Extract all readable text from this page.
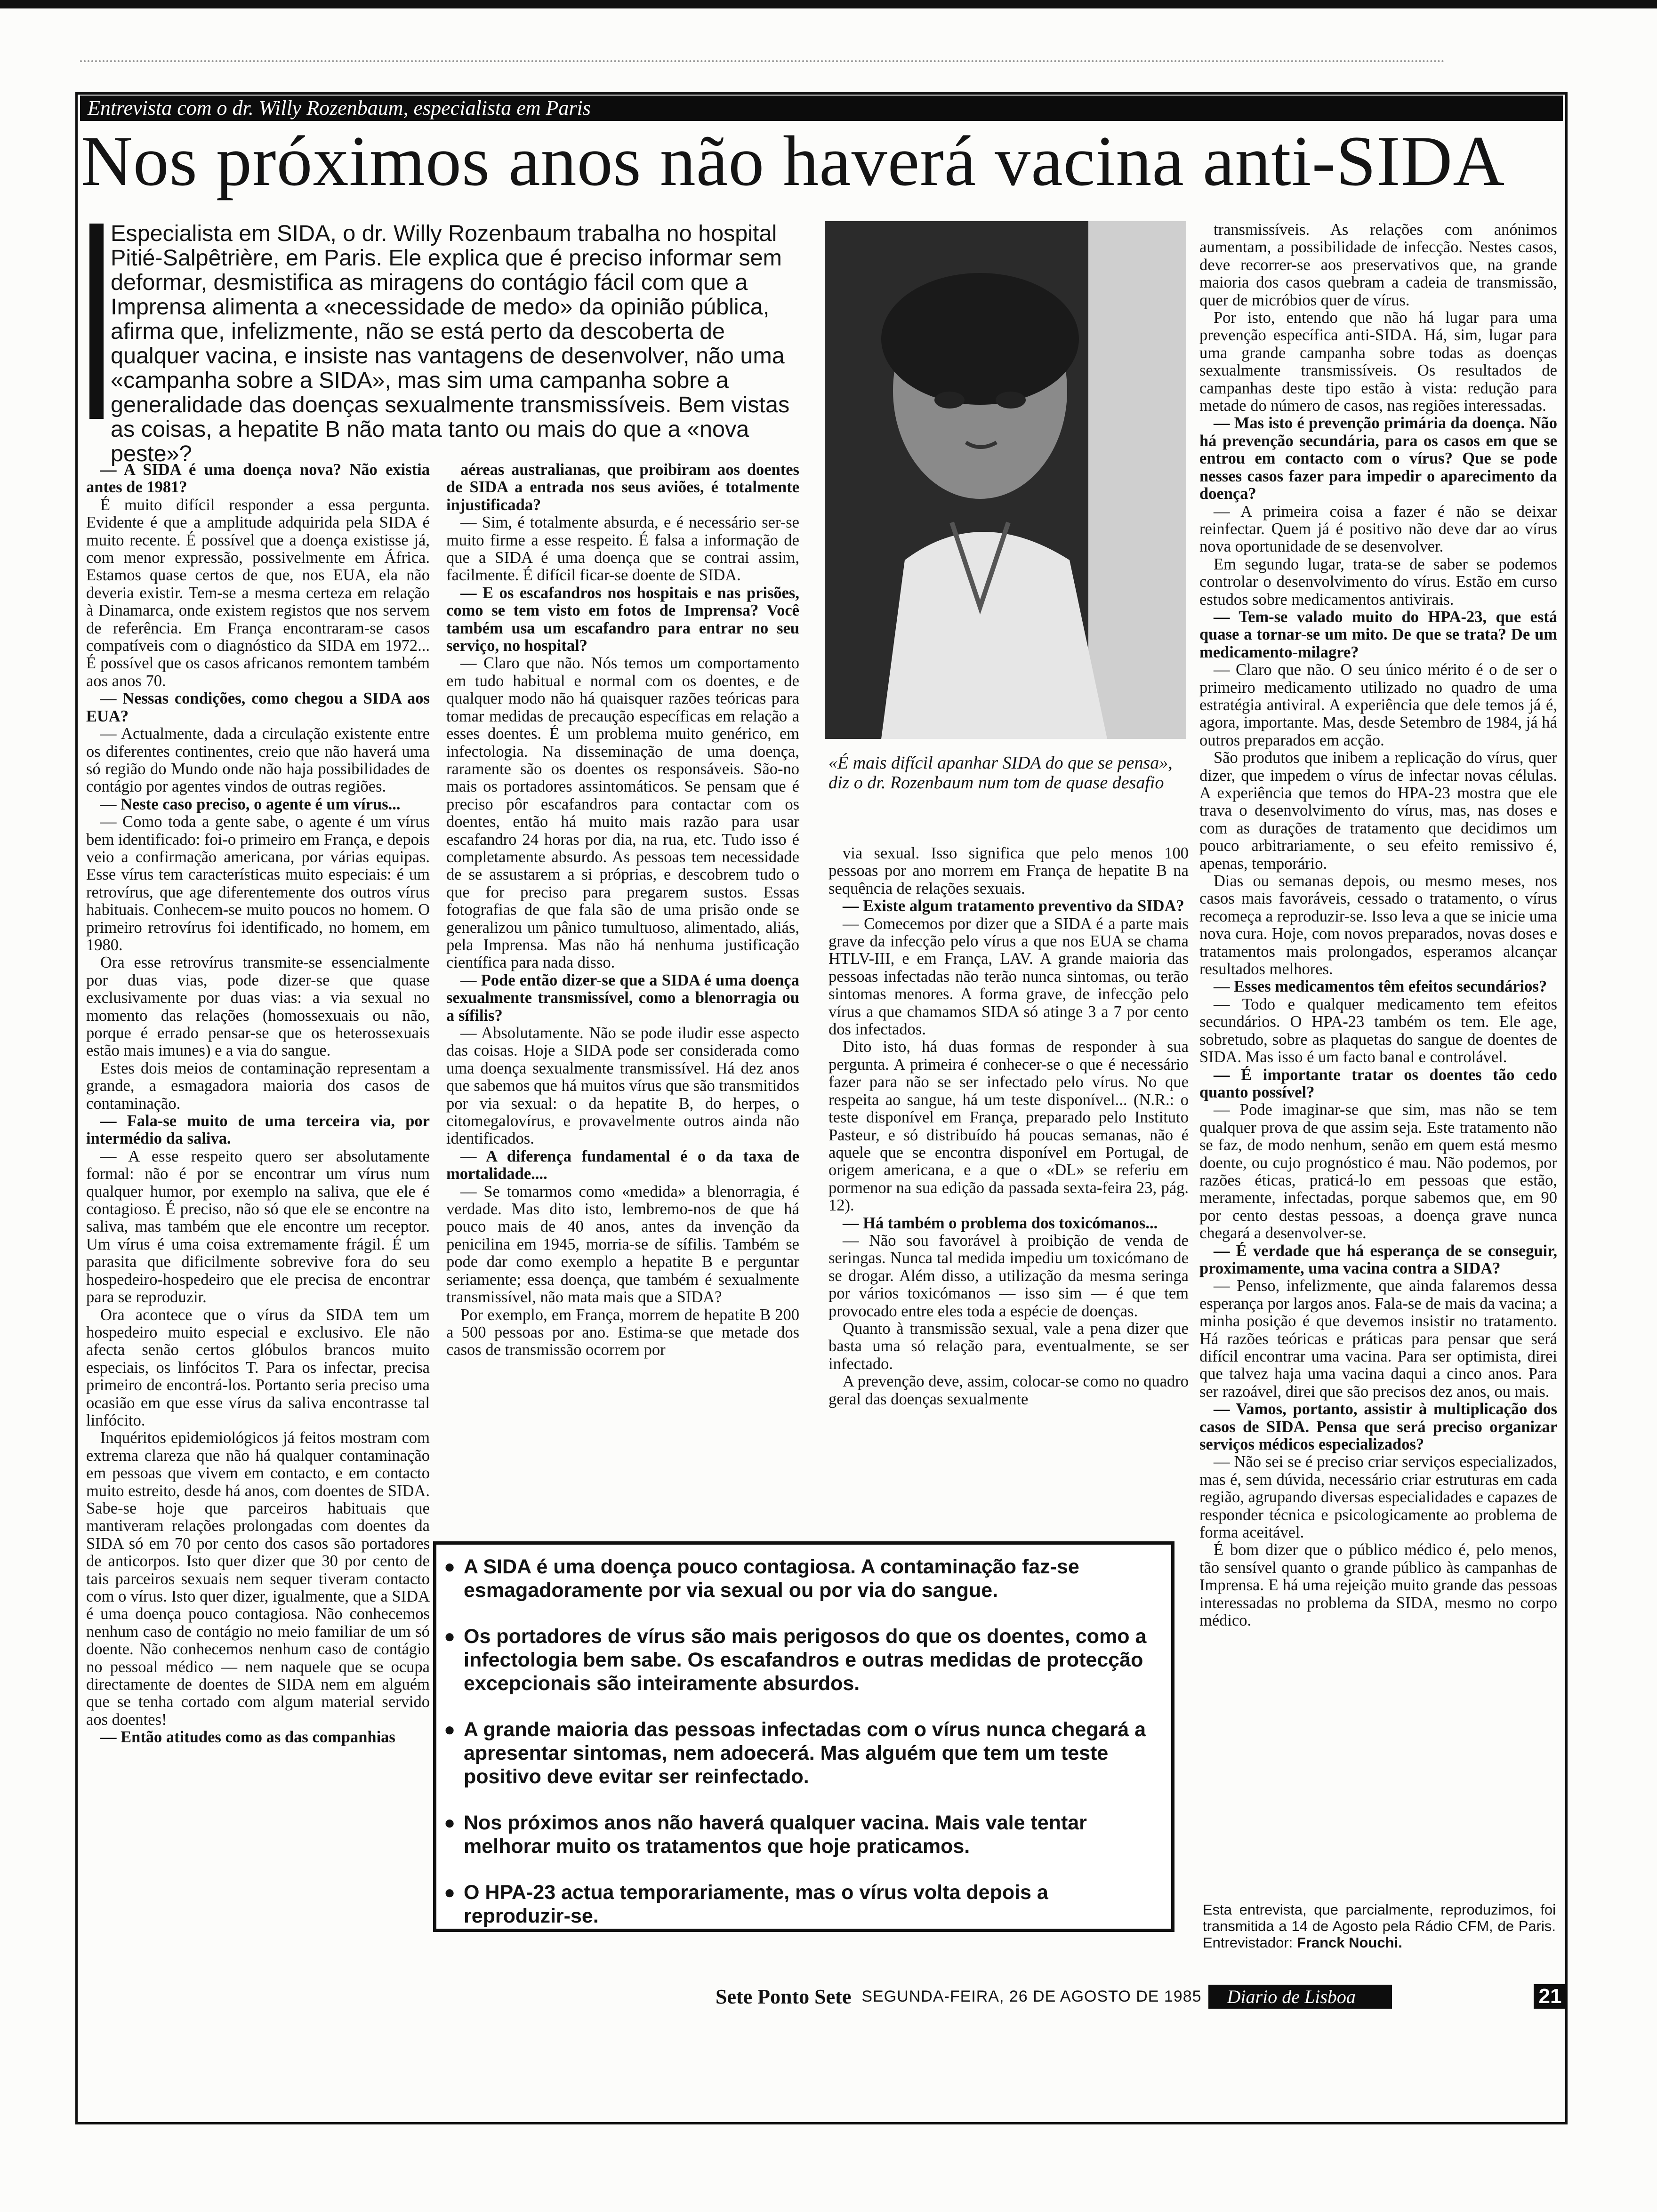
Entrevista com o dr. Willy Rozenbaum, especialista em Paris
Nos próximos anos não haverá vacina anti-SIDA

Especialista em SIDA, o dr. Willy Rozenbaum trabalha no hospital Pitié-Salpêtrière, em Paris. Ele explica que é preciso informar sem deformar, desmistifica as miragens do contágio fácil com que a Imprensa alimenta a «necessidade de medo» da opinião pública, afirma que, infelizmente, não se está perto da descoberta de qualquer vacina, e insiste nas vantagens de desenvolver, não uma «campanha sobre a SIDA», mas sim uma campanha sobre a generalidade das doenças sexualmente transmissíveis. Bem vistas as coisas, a hepatite B não mata tanto ou mais do que a «nova peste»?

«É mais difícil apanhar SIDA do que se pensa», diz o dr. Rozenbaum num tom de quase desafio

— A SIDA é uma doença nova? Não existia antes de 1981?

É muito difícil responder a essa pergunta. Evidente é que a amplitude adquirida pela SIDA é muito recente. É possível que a doença existisse já, com menor expressão, possivelmente em África. Estamos quase certos de que, nos EUA, ela não deveria existir. Tem-se a mesma certeza em relação à Dinamarca, onde existem registos que nos servem de referência. Em França encontraram-se casos compatíveis com o diagnóstico da SIDA em 1972... É possível que os casos africanos remontem também aos anos 70.

— Nessas condições, como chegou a SIDA aos EUA?

— Actualmente, dada a circulação existente entre os diferentes continentes, creio que não haverá uma só região do Mundo onde não haja possibilidades de contágio por agentes vindos de outras regiões.

— Neste caso preciso, o agente é um vírus...

— Como toda a gente sabe, o agente é um vírus bem identificado: foi-o primeiro em França, e depois veio a confirmação americana, por várias equipas. Esse vírus tem características muito especiais: é um retrovírus, que age diferentemente dos outros vírus habituais. Conhecem-se muito poucos no homem. O primeiro retrovírus foi identificado, no homem, em 1980.

Ora esse retrovírus transmite-se essencialmente por duas vias, pode dizer-se que quase exclusivamente por duas vias: a via sexual no momento das relações (homossexuais ou não, porque é errado pensar-se que os heterossexuais estão mais imunes) e a via do sangue.

Estes dois meios de contaminação representam a grande, a esmagadora maioria dos casos de contaminação.

— Fala-se muito de uma terceira via, por intermédio da saliva.

— A esse respeito quero ser absolutamente formal: não é por se encontrar um vírus num qualquer humor, por exemplo na saliva, que ele é contagioso. É preciso, não só que ele se encontre na saliva, mas também que ele encontre um receptor. Um vírus é uma coisa extremamente frágil. É um parasita que dificilmente sobrevive fora do seu hospedeiro-hospedeiro que ele precisa de encontrar para se reproduzir.

Ora acontece que o vírus da SIDA tem um hospedeiro muito especial e exclusivo. Ele não afecta senão certos glóbulos brancos muito especiais, os linfócitos T. Para os infectar, precisa primeiro de encontrá-los. Portanto seria preciso uma ocasião em que esse vírus da saliva encontrasse tal linfócito.

Inquéritos epidemiológicos já feitos mostram com extrema clareza que não há qualquer contaminação em pessoas que vivem em contacto, e em contacto muito estreito, desde há anos, com doentes de SIDA. Sabe-se hoje que parceiros habituais que mantiveram relações prolongadas com doentes da SIDA só em 70 por cento dos casos são portadores de anticorpos. Isto quer dizer que 30 por cento de tais parceiros sexuais nem sequer tiveram contacto com o vírus. Isto quer dizer, igualmente, que a SIDA é uma doença pouco contagiosa. Não conhecemos nenhum caso de contágio no meio familiar de um só doente. Não conhecemos nenhum caso de contágio no pessoal médico — nem naquele que se ocupa directamente de doentes de SIDA nem em alguém que se tenha cortado com algum material servido aos doentes!

— Então atitudes como as das companhias

aéreas australianas, que proibiram aos doentes de SIDA a entrada nos seus aviões, é totalmente injustificada?

— Sim, é totalmente absurda, e é necessário ser-se muito firme a esse respeito. É falsa a informação de que a SIDA é uma doença que se contrai assim, facilmente. É difícil ficar-se doente de SIDA.

— E os escafandros nos hospitais e nas prisões, como se tem visto em fotos de Imprensa? Você também usa um escafandro para entrar no seu serviço, no hospital?

— Claro que não. Nós temos um comportamento em tudo habitual e normal com os doentes, e de qualquer modo não há quaisquer razões teóricas para tomar medidas de precaução específicas em relação a esses doentes. É um problema muito genérico, em infectologia. Na disseminação de uma doença, raramente são os doentes os responsáveis. São-no mais os portadores assintomáticos. Se pensam que é preciso pôr escafandros para contactar com os doentes, então há muito mais razão para usar escafandro 24 horas por dia, na rua, etc. Tudo isso é completamente absurdo. As pessoas tem necessidade de se assustarem a si próprias, e descobrem tudo o que for preciso para pregarem sustos. Essas fotografias de que fala são de uma prisão onde se generalizou um pânico tumultuoso, alimentado, aliás, pela Imprensa. Mas não há nenhuma justificação científica para nada disso.

— Pode então dizer-se que a SIDA é uma doença sexualmente transmissível, como a blenorragia ou a sífilis?

— Absolutamente. Não se pode iludir esse aspecto das coisas. Hoje a SIDA pode ser considerada como uma doença sexualmente transmissível. Há dez anos que sabemos que há muitos vírus que são transmitidos por via sexual: o da hepatite B, do herpes, o citomegalovírus, e provavelmente outros ainda não identificados.

— A diferença fundamental é o da taxa de mortalidade....

— Se tomarmos como «medida» a blenorragia, é verdade. Mas dito isto, lembremo-nos de que há pouco mais de 40 anos, antes da invenção da penicilina em 1945, morria-se de sífilis. Também se pode dar como exemplo a hepatite B e perguntar seriamente; essa doença, que também é sexualmente transmissível, não mata mais que a SIDA?

Por exemplo, em França, morrem de hepatite B 200 a 500 pessoas por ano. Estima-se que metade dos casos de transmissão ocorrem por

via sexual. Isso significa que pelo menos 100 pessoas por ano morrem em França de hepatite B na sequência de relações sexuais.

— Existe algum tratamento preventivo da SIDA?

— Comecemos por dizer que a SIDA é a parte mais grave da infecção pelo vírus a que nos EUA se chama HTLV-III, e em França, LAV. A grande maioria das pessoas infectadas não terão nunca sintomas, ou terão sintomas menores. A forma grave, de infecção pelo vírus a que chamamos SIDA só atinge 3 a 7 por cento dos infectados.

Dito isto, há duas formas de responder à sua pergunta. A primeira é conhecer-se o que é necessário fazer para não se ser infectado pelo vírus. No que respeita ao sangue, há um teste disponível... (N.R.: o teste disponível em França, preparado pelo Instituto Pasteur, e só distribuído há poucas semanas, não é aquele que se encontra disponível em Portugal, de origem americana, e a que o «DL» se referiu em pormenor na sua edição da passada sexta-feira 23, pág. 12).

— Há também o problema dos toxicómanos...

— Não sou favorável à proibição de venda de seringas. Nunca tal medida impediu um toxicómano de se drogar. Além disso, a utilização da mesma seringa por vários toxicómanos — isso sim — é que tem provocado entre eles toda a espécie de doenças.

Quanto à transmissão sexual, vale a pena dizer que basta uma só relação para, eventualmente, se ser infectado.

A prevenção deve, assim, colocar-se como no quadro geral das doenças sexualmente

transmissíveis. As relações com anónimos aumentam, a possibilidade de infecção. Nestes casos, deve recorrer-se aos preservativos que, na grande maioria dos casos quebram a cadeia de transmissão, quer de micróbios quer de vírus.

Por isto, entendo que não há lugar para uma prevenção específica anti-SIDA. Há, sim, lugar para uma grande campanha sobre todas as doenças sexualmente transmissíveis. Os resultados de campanhas deste tipo estão à vista: redução para metade do número de casos, nas regiões interessadas.

— Mas isto é prevenção primária da doença. Não há prevenção secundária, para os casos em que se entrou em contacto com o vírus? Que se pode nesses casos fazer para impedir o aparecimento da doença?

— A primeira coisa a fazer é não se deixar reinfectar. Quem já é positivo não deve dar ao vírus nova oportunidade de se desenvolver.

Em segundo lugar, trata-se de saber se podemos controlar o desenvolvimento do vírus. Estão em curso estudos sobre medicamentos antivirais.

— Tem-se valado muito do HPA-23, que está quase a tornar-se um mito. De que se trata? De um medicamento-milagre?

— Claro que não. O seu único mérito é o de ser o primeiro medicamento utilizado no quadro de uma estratégia antiviral. A experiência que dele temos já é, agora, importante. Mas, desde Setembro de 1984, já há outros preparados em acção.

São produtos que inibem a replicação do vírus, quer dizer, que impedem o vírus de infectar novas células. A experiência que temos do HPA-23 mostra que ele trava o desenvolvimento do vírus, mas, nas doses e com as durações de tratamento que decidimos um pouco arbitrariamente, o seu efeito remissivo é, apenas, temporário.

Dias ou semanas depois, ou mesmo meses, nos casos mais favoráveis, cessado o tratamento, o vírus recomeça a reproduzir-se. Isso leva a que se inicie uma nova cura. Hoje, com novos preparados, novas doses e tratamentos mais prolongados, esperamos alcançar resultados melhores.

— Esses medicamentos têm efeitos secundários?

— Todo e qualquer medicamento tem efeitos secundários. O HPA-23 também os tem. Ele age, sobretudo, sobre as plaquetas do sangue de doentes de SIDA. Mas isso é um facto banal e controlável.

— É importante tratar os doentes tão cedo quanto possível?

— Pode imaginar-se que sim, mas não se tem qualquer prova de que assim seja. Este tratamento não se faz, de modo nenhum, senão em quem está mesmo doente, ou cujo prognóstico é mau. Não podemos, por razões éticas, praticá-lo em pessoas que estão, meramente, infectadas, porque sabemos que, em 90 por cento destas pessoas, a doença grave nunca chegará a desenvolver-se.

— É verdade que há esperança de se conseguir, proximamente, uma vacina contra a SIDA?

— Penso, infelizmente, que ainda falaremos dessa esperança por largos anos. Fala-se de mais da vacina; a minha posição é que devemos insistir no tratamento. Há razões teóricas e práticas para pensar que será difícil encontrar uma vacina. Para ser optimista, direi que talvez haja uma vacina daqui a cinco anos. Para ser razoável, direi que são precisos dez anos, ou mais.

— Vamos, portanto, assistir à multiplicação dos casos de SIDA. Pensa que será preciso organizar serviços médicos especializados?

— Não sei se é preciso criar serviços especializados, mas é, sem dúvida, necessário criar estruturas em cada região, agrupando diversas especialidades e capazes de responder técnica e psicologicamente ao problema de forma aceitável.

É bom dizer que o público médico é, pelo menos, tão sensível quanto o grande público às campanhas de Imprensa. E há uma rejeição muito grande das pessoas interessadas no problema da SIDA, mesmo no corpo médico.

● A SIDA é uma doença pouco contagiosa. A contaminação faz-se esmagadoramente por via sexual ou por via do sangue.

● Os portadores de vírus são mais perigosos do que os doentes, como a infectologia bem sabe. Os escafandros e outras medidas de protecção excepcionais são inteiramente absurdos.

● A grande maioria das pessoas infectadas com o vírus nunca chegará a apresentar sintomas, nem adoecerá. Mas alguém que tem um teste positivo deve evitar ser reinfectado.

● Nos próximos anos não haverá qualquer vacina. Mais vale tentar melhorar muito os tratamentos que hoje praticamos.

● O HPA-23 actua temporariamente, mas o vírus volta depois a reproduzir-se.	Esta entrevista, que parcialmente, reproduzimos, foi transmitida a 14 de Agosto pela Rádio CFM, de Paris. Entrevistador: Franck Nouchi.

Sete Ponto Sete SEGUNDA-FEIRA, 26 DE AGOSTO DE 1985	Diario de Lisboa	21
